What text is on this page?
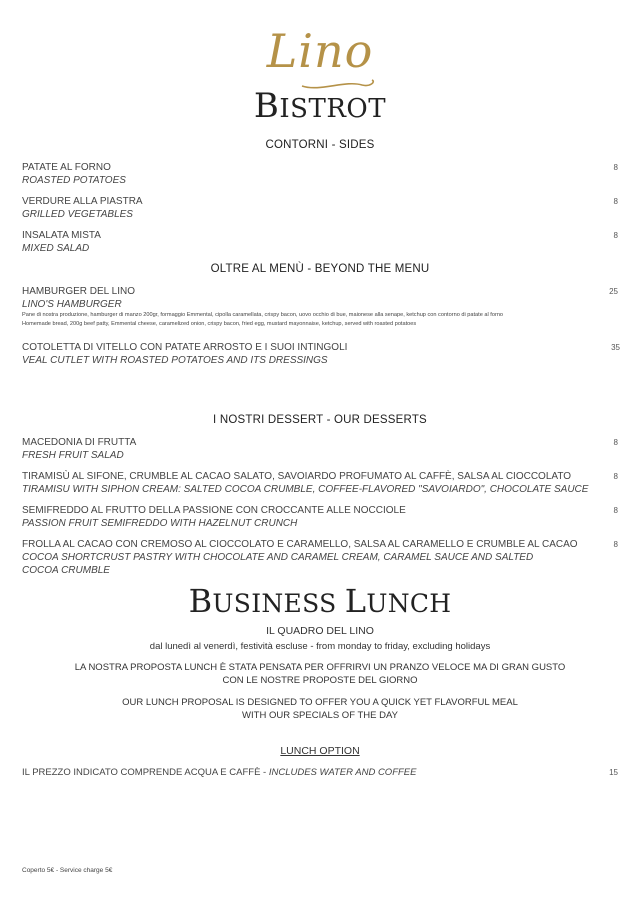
Lino
BISTROT
CONTORNI - SIDES
PATATE AL FORNO
ROASTED POTATOES
8
VERDURE ALLA PIASTRA
GRILLED VEGETABLES
8
INSALATA MISTA
MIXED SALAD
8
OLTRE AL MENÙ - BEYOND THE MENU
HAMBURGER DEL LINO
LINO'S HAMBURGER
Pane di nostra produzione, hamburger di manzo 200gr, formaggio Emmental, cipolla caramellata, crispy bacon, uovo occhio di bue, maionese alla senape, ketchup con contorno di patate al forno
Homemade bread, 200g beef patty, Emmental cheese, caramelized onion, crispy bacon, fried egg, mustard mayonnaise, ketchup, served with roasted potatoes
25
COTOLETTA DI VITELLO CON PATATE ARROSTO E I SUOI INTINGOLI
VEAL CUTLET WITH ROASTED POTATOES AND ITS DRESSINGS
35
I NOSTRI DESSERT - OUR DESSERTS
MACEDONIA DI FRUTTA
FRESH FRUIT SALAD
8
TIRAMISÙ AL SIFONE, CRUMBLE AL CACAO SALATO, SAVOIARDO PROFUMATO AL CAFFÈ, SALSA AL CIOCCOLATO
TIRAMISU WITH SIPHON CREAM: SALTED COCOA CRUMBLE, COFFEE-FLAVORED "SAVOIARDO", CHOCOLATE SAUCE
8
SEMIFREDDO AL FRUTTO DELLA PASSIONE CON CROCCANTE ALLE NOCCIOLE
PASSION FRUIT SEMIFREDDO WITH HAZELNUT CRUNCH
8
FROLLA AL CACAO CON CREMOSO AL CIOCCOLATO E CARAMELLO, SALSA AL CARAMELLO E CRUMBLE AL CACAO
COCOA SHORTCRUST PASTRY WITH CHOCOLATE AND CARAMEL CREAM, CARAMEL SAUCE AND SALTED
COCOA CRUMBLE
8
BUSINESS LUNCH
IL QUADRO DEL LINO
dal lunedì al venerdì, festività escluse - from monday to friday, excluding holidays
LA NOSTRA PROPOSTA LUNCH È STATA PENSATA PER OFFRIRVI UN PRANZO VELOCE MA DI GRAN GUSTO
CON LE NOSTRE PROPOSTE DEL GIORNO
OUR LUNCH PROPOSAL IS DESIGNED TO OFFER YOU A QUICK YET FLAVORFUL MEAL
WITH OUR SPECIALS OF THE DAY
LUNCH OPTION
IL PREZZO INDICATO COMPRENDE ACQUA E CAFFÈ - INCLUDES WATER AND COFFEE	15
Coperto 5€ - Service charge 5€
